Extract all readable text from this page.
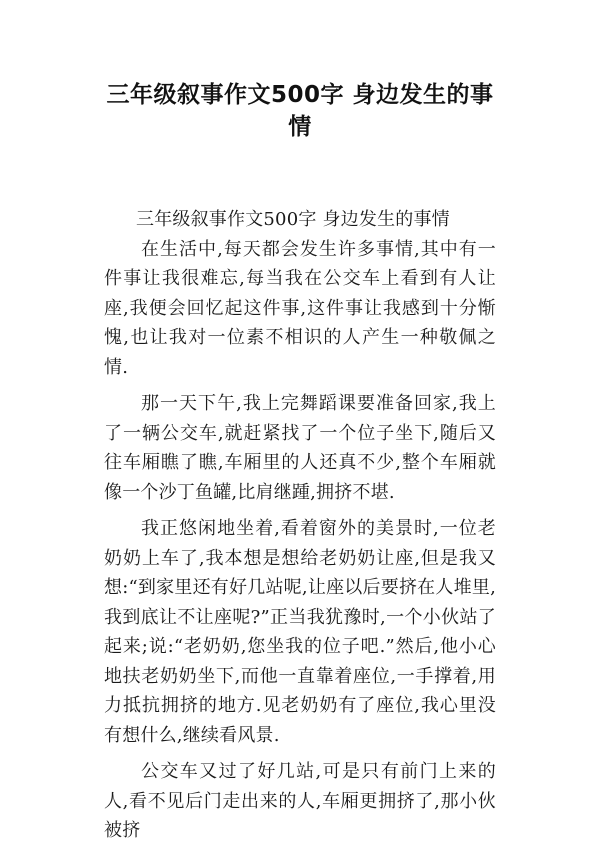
三年级叙事作文500字 身边发生的事情

三年级叙事作文500字 身边发生的事情

在生活中,每天都会发生许多事情,其中有一件事让我很难忘,每当我在公交车上看到有人让座,我便会回忆起这件事,这件事让我感到十分惭愧,也让我对一位素不相识的人产生一种敬佩之情.

那一天下午,我上完舞蹈课要准备回家,我上了一辆公交车,就赶紧找了一个位子坐下,随后又往车厢瞧了瞧,车厢里的人还真不少,整个车厢就像一个沙丁鱼罐,比肩继踵,拥挤不堪.

我正悠闲地坐着,看着窗外的美景时,一位老奶奶上车了,我本想是想给老奶奶让座,但是我又想:“到家里还有好几站呢,让座以后要挤在人堆里,我到底让不让座呢?”正当我犹豫时,一个小伙站了起来;说:“老奶奶,您坐我的位子吧.”然后,他小心地扶老奶奶坐下,而他一直靠着座位,一手撑着,用力抵抗拥挤的地方.见老奶奶有了座位,我心里没有想什么,继续看风景.

公交车又过了好几站,可是只有前门上来的人,看不见后门走出来的人,车厢更拥挤了,那小伙被挤
